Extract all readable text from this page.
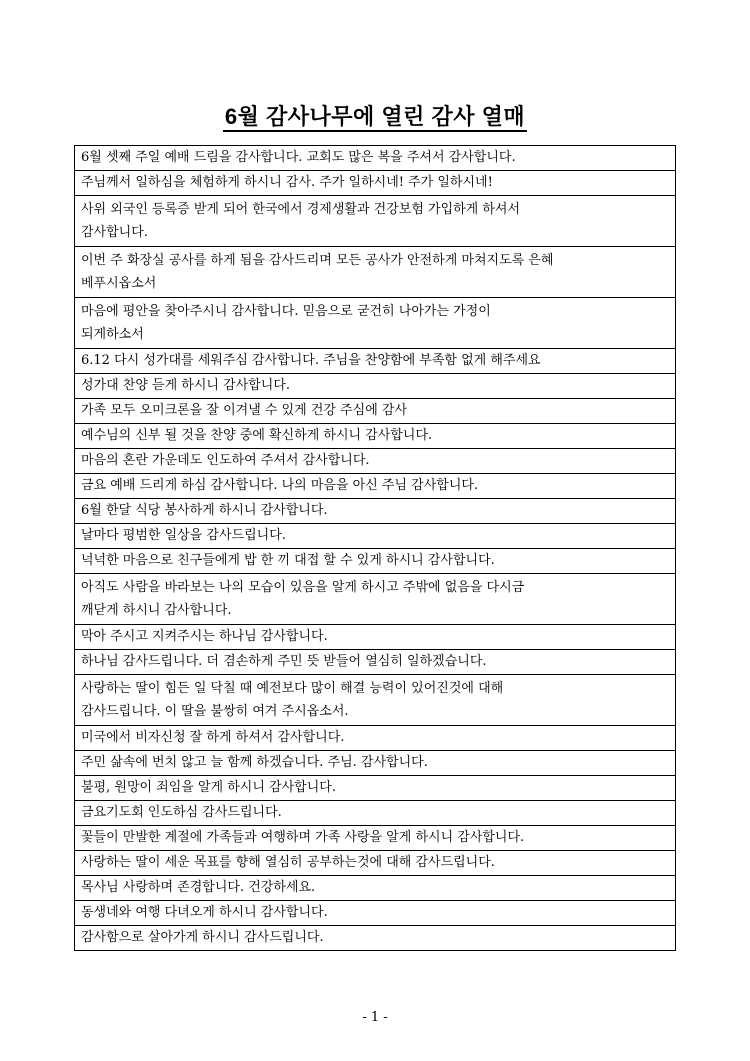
6월 감사나무에 열린 감사 열매
6월 셋째 주일 예배 드림을 감사합니다. 교회도 많은 복을 주셔서 감사합니다.
주님께서 일하심을 체험하게 하시니 감사. 주가 일하시네! 주가 일하시네!
사위 외국인 등록증 받게 되어 한국에서 경제생활과 건강보험 가입하게 하셔서
감사합니다.
이번 주 화장실 공사를 하게 됨을 감사드리며 모든 공사가 안전하게 마쳐지도록 은혜
베푸시옵소서
마음에 평안을 찾아주시니 감사합니다. 믿음으로 굳건히 나아가는 가정이
되게하소서
6.12 다시 성가대를 세워주심 감사합니다. 주님을 찬양함에 부족함 없게 해주세요
성가대 찬양 듣게 하시니 감사합니다.
가족 모두 오미크론을 잘 이겨낼 수 있게 건강 주심에 감사
예수님의 신부 될 것을 찬양 중에 확신하게 하시니 감사합니다.
마음의 혼란 가운데도 인도하여 주셔서 감사합니다.
금요 예배 드리게 하심 감사합니다. 나의 마음을 아신 주님 감사합니다.
6월 한달 식당 봉사하게 하시니 감사합니다.
날마다 평범한 일상을 감사드립니다.
넉넉한 마음으로 친구들에게 밥 한 끼 대접 할 수 있게 하시니 감사합니다.
아직도 사람을 바라보는 나의 모습이 있음을 알게 하시고 주밖에 없음을 다시금
깨닫게 하시니 감사합니다.
막아 주시고 지켜주시는 하나님 감사합니다.
하나님 감사드립니다. 더 겸손하게 주민 뜻 받들어 열심히 일하겠습니다.
사랑하는 딸이 힘든 일 닥칠 때 예전보다 많이 해결 능력이 있어진것에 대해
감사드립니다. 이 딸을 불쌍히 여겨 주시옵소서.
미국에서 비자신청 잘 하게 하셔서 감사합니다.
주민 삶속에 번치 않고 늘 함께 하겠습니다. 주님. 감사합니다.
불평, 원망이 죄임을 알게 하시니 감사합니다.
금요기도회 인도하심 감사드립니다.
꽃들이 만발한 계절에 가족들과 여행하며 가족 사랑을 알게 하시니 감사합니다.
사랑하는 딸이 세운 목표를 향해 열심히 공부하는것에 대해 감사드립니다.
목사님 사랑하며 존경합니다. 건강하세요.
동생네와 여행 다녀오게 하시니 감사합니다.
감사함으로 살아가게 하시니 감사드립니다.
- 1 -
